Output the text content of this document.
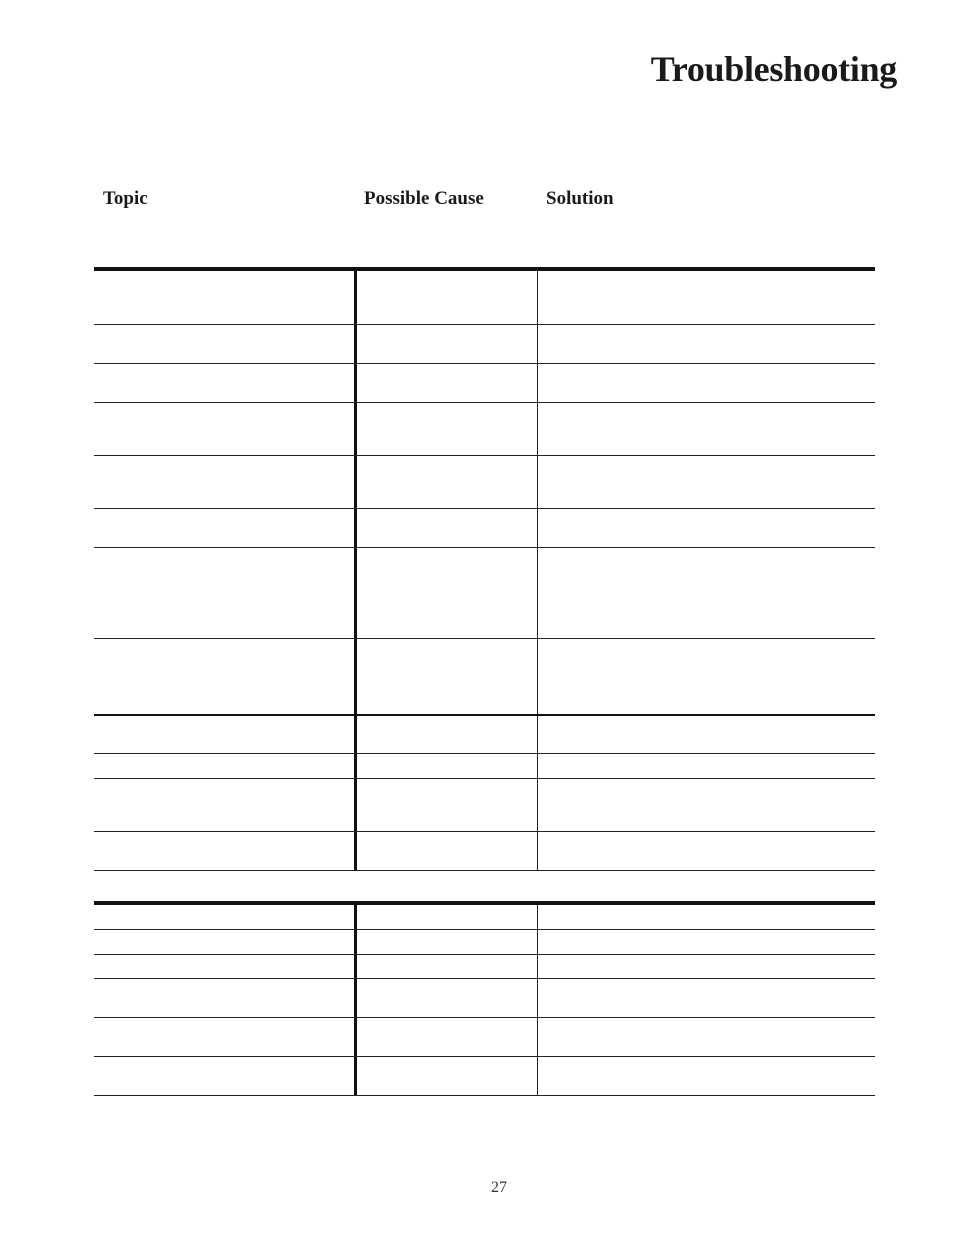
Troubleshooting
Topic	Possible Cause	Solution
27
